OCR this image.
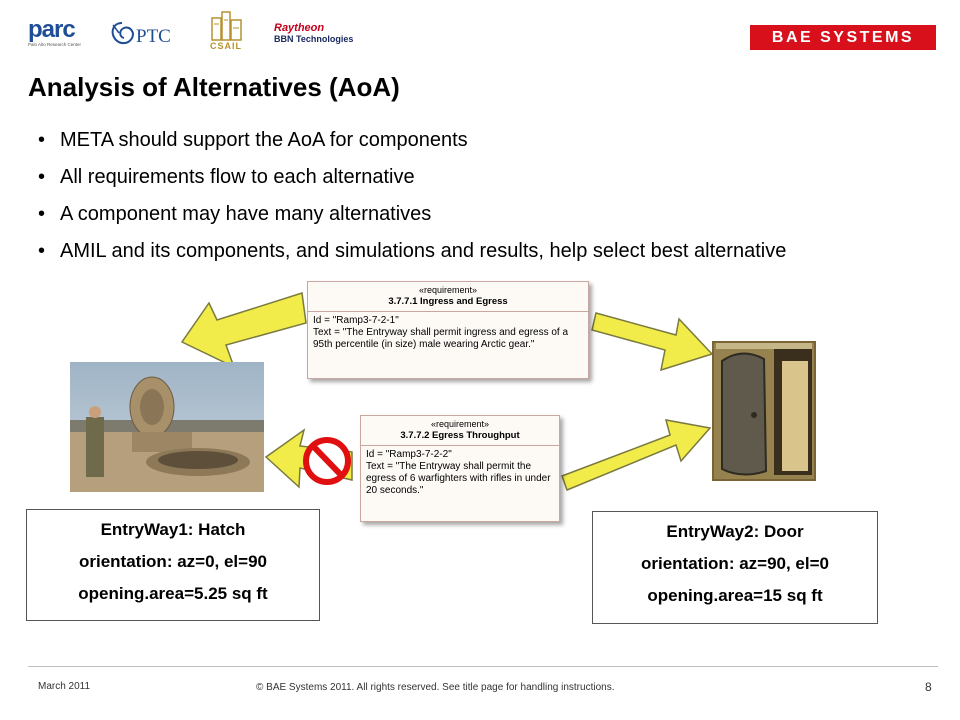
parc
Palo Alto Research Center	PTC	CSAIL
Raytheon
BBN Technologies	BAE SYSTEMS
Analysis of Alternatives (AoA)
• META should support the AoA for components
• All requirements flow to each alternative
• A component may have many alternatives
• AMIL and its components, and simulations and results, help select best alternative
«requirement»
3.7.7.1 Ingress and Egress
Id = "Ramp3-7-2-1"
Text = "The Entryway shall permit ingress and egress of a 95th percentile (in size) male wearing Arctic gear."
«requirement»
3.7.7.2 Egress Throughput
Id = "Ramp3-7-2-2"
Text = "The Entryway shall permit the egress of 6 warfighters with rifles in under 20 seconds."
EntryWay1: Hatch
orientation: az=0, el=90
opening.area=5.25 sq ft
EntryWay2: Door
orientation: az=90, el=0
opening.area=15 sq ft
March 2011	© BAE Systems 2011. All rights reserved. See title page for handling instructions.	8
